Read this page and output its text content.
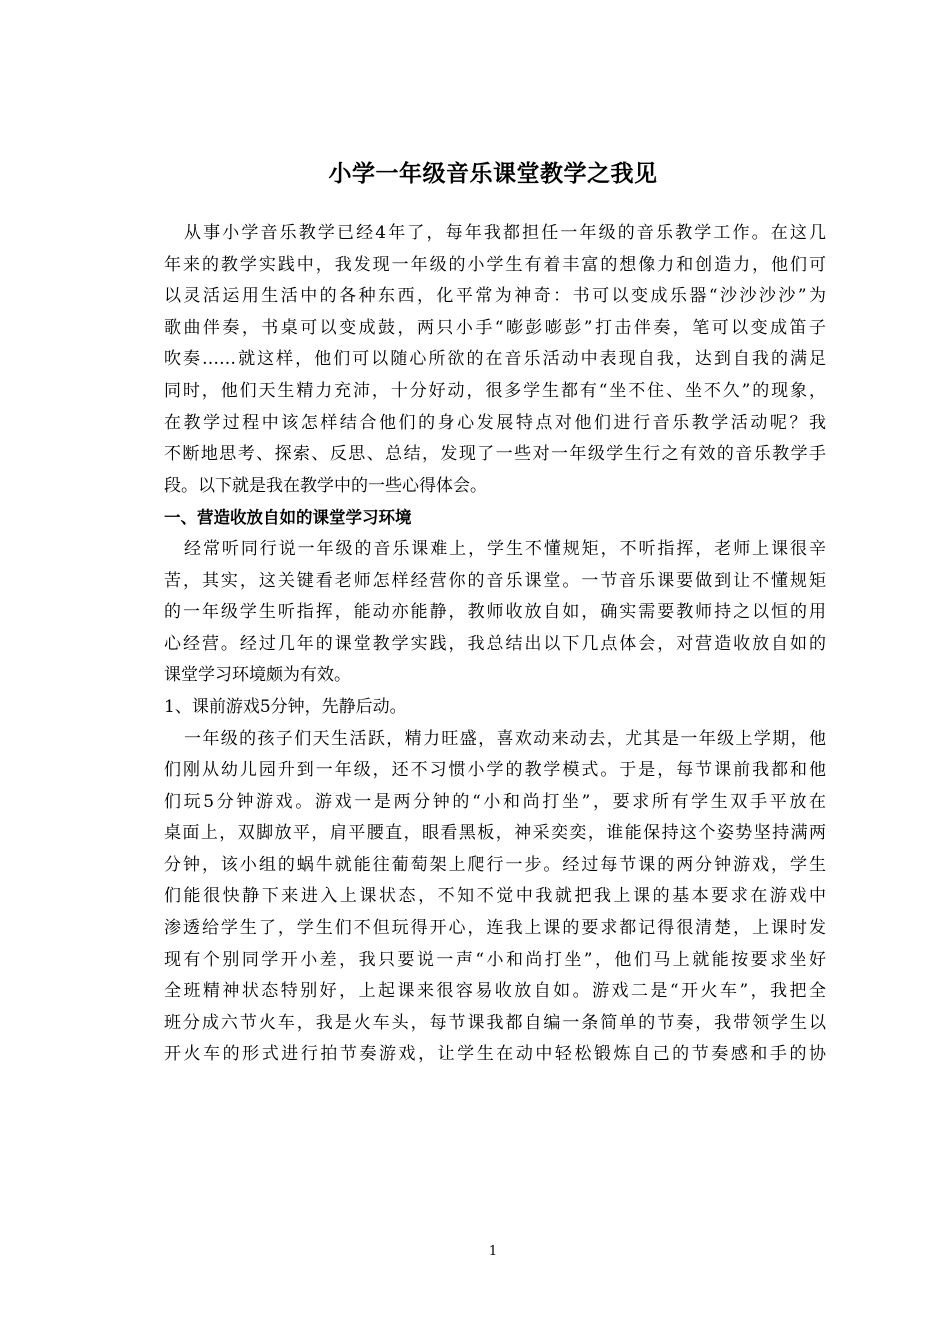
小学一年级音乐课堂教学之我见
从事小学音乐教学已经4年了，每年我都担任一年级的音乐教学工作。在这几
年来的教学实践中，我发现一年级的小学生有着丰富的想像力和创造力，他们可
以灵活运用生活中的各种东西，化平常为神奇：书可以变成乐器“沙沙沙沙”为
歌曲伴奏，书桌可以变成鼓，两只小手“嘭彭嘭彭”打击伴奏，笔可以变成笛子
吹奏……就这样，他们可以随心所欲的在音乐活动中表现自我，达到自我的满足
同时，他们天生精力充沛，十分好动，很多学生都有“坐不住、坐不久”的现象，
在教学过程中该怎样结合他们的身心发展特点对他们进行音乐教学活动呢？我
不断地思考、探索、反思、总结，发现了一些对一年级学生行之有效的音乐教学手
段。以下就是我在教学中的一些心得体会。
一、营造收放自如的课堂学习环境
经常听同行说一年级的音乐课难上，学生不懂规矩，不听指挥，老师上课很辛
苦，其实，这关键看老师怎样经营你的音乐课堂。一节音乐课要做到让不懂规矩
的一年级学生听指挥，能动亦能静，教师收放自如，确实需要教师持之以恒的用
心经营。经过几年的课堂教学实践，我总结出以下几点体会，对营造收放自如的
课堂学习环境颇为有效。
1、课前游戏5分钟，先静后动。
一年级的孩子们天生活跃，精力旺盛，喜欢动来动去，尤其是一年级上学期，他
们刚从幼儿园升到一年级，还不习惯小学的教学模式。于是，每节课前我都和他
们玩5分钟游戏。游戏一是两分钟的“小和尚打坐”，要求所有学生双手平放在
桌面上，双脚放平，肩平腰直，眼看黑板，神采奕奕，谁能保持这个姿势坚持满两
分钟，该小组的蜗牛就能往葡萄架上爬行一步。经过每节课的两分钟游戏，学生
们能很快静下来进入上课状态，不知不觉中我就把我上课的基本要求在游戏中
渗透给学生了，学生们不但玩得开心，连我上课的要求都记得很清楚，上课时发
现有个别同学开小差，我只要说一声“小和尚打坐”，他们马上就能按要求坐好
全班精神状态特别好，上起课来很容易收放自如。游戏二是“开火车”，我把全
班分成六节火车，我是火车头，每节课我都自编一条简单的节奏，我带领学生以
开火车的形式进行拍节奏游戏，让学生在动中轻松锻炼自己的节奏感和手的协
1
